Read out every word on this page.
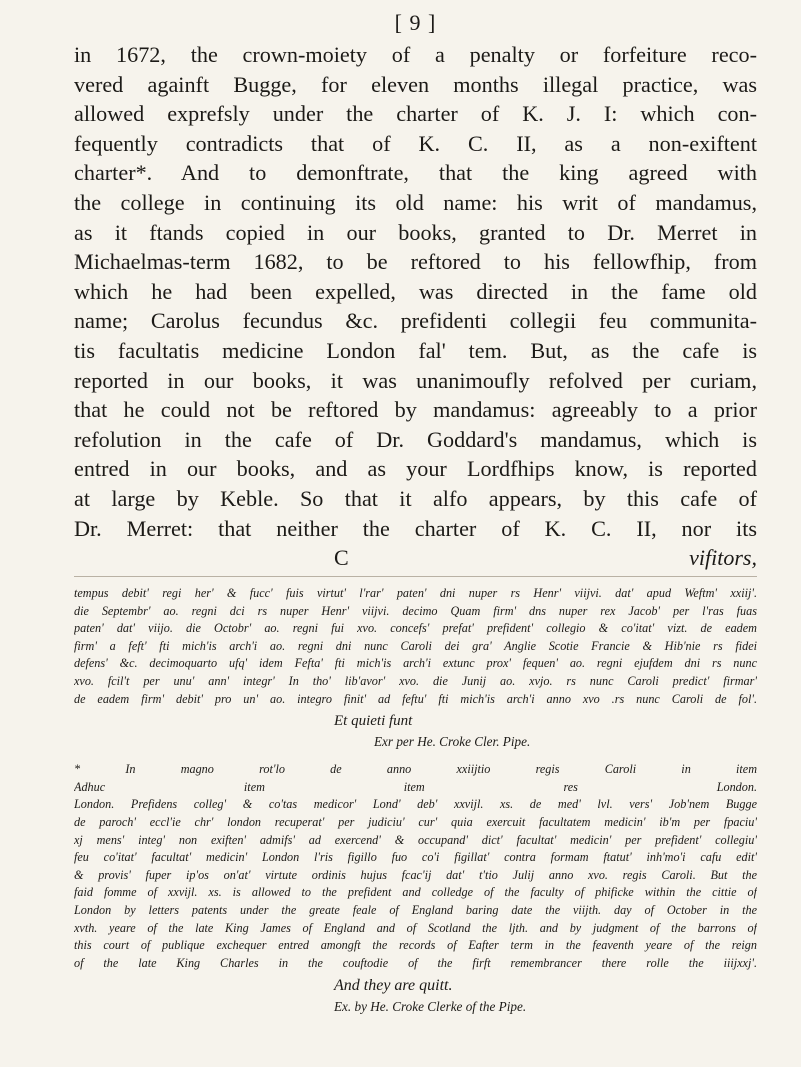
[ 9 ]
in 1672, the crown-moiety of a penalty or forfeiture reco-
vered againft Bugge, for eleven months illegal practice, was
allowed exprefsly under the charter of K. J. I: which con-
fequently contradicts that of K. C. II, as a non-exiftent
charter*. And to demonftrate, that the king agreed with
the college in continuing its old name: his writ of mandamus,
as it ftands copied in our books, granted to Dr. Merret in
Michaelmas-term 1682, to be reftored to his fellowfhip, from
which he had been expelled, was directed in the fame old
name; Carolus fecundus &c. prefidenti collegii feu communita-
tis facultatis medicine London fal' tem. But, as the cafe is
reported in our books, it was unanimoufly refolved per curiam,
that he could not be reftored by mandamus: agreeably to a prior
refolution in the cafe of Dr. Goddard's mandamus, which is
entred in our books, and as your Lordfhips know, is reported
at large by Keble. So that it alfo appears, by this cafe of
Dr. Merret: that neither the charter of K. C. II, nor its
C	vifitors,
tempus debit' regi her' & fucc' fuis virtut' l'rar' paten' dni nuper rs Henr' viijvi. dat' apud Weftm' xxiij'.
die Septembr' ao. regni dci rs nuper Henr' viijvi. decimo Quam firm' dns nuper rex Jacob' per l'ras fuas
paten' dat' viijo. die Octobr' ao. regni fui xvo. concefs' prefat' prefident' collegio & co'itat' vizt. de eadem
firm' a feft' fti mich'is arch'i ao. regni dni nunc Caroli dei gra' Anglie Scotie Francie & Hib'nie rs fidei
defens' &c. decimoquarto ufq' idem Fefta' fti mich'is arch'i extunc prox' fequen' ao. regni ejufdem dni rs nunc
xvo. fcil't per unu' ann' integr' In tho' lib'avor' xvo. die Junij ao. xvjo. rs nunc Caroli predict' firmar'
de eadem firm' debit' pro un' ao. integro finit' ad feftu' fti mich'is arch'i anno xvo .rs nunc Caroli de fol'.
Et quieti funt
Exr per He. Croke Cler. Pipe.
* In magno rot'lo de anno xxiijtio regis Caroli in item
Adhuc item item res London.
London. Prefidens colleg' & co'tas medicor' Lond' deb' xxvijl. xs. de med' lvl. vers' Job'nem Bugge
de paroch' eccl'ie chr' london recuperat' per judiciu' cur' quia exercuit facultatem medicin' ib'm per fpaciu'
xj mens' integ' non exiften' admifs' ad exercend' & occupand' dict' facultat' medicin' per prefident' collegiu'
feu co'itat' facultat' medicin' London l'ris figillo fuo co'i figillat' contra formam ftatut' inh'mo'i cafu edit'
& provis' fuper ip'os on'at' virtute ordinis hujus fcac'ij dat' t'tio Julij anno xvo. regis Caroli. But the
faid fomme of xxvijl. xs. is allowed to the prefident and colledge of the faculty of phificke within the cittie of
London by letters patents under the greate feale of England baring date the viijth. day of October in the
xvth. yeare of the late King James of England and of Scotland the ljth. and by judgment of the barrons of
this court of publique exchequer entred amongft the records of Eafter term in the feaventh yeare of the reign
of the late King Charles in the couftodie of the firft remembrancer there rolle the iiijxxj'.
And they are quitt.
Ex. by He. Croke Clerke of the Pipe.
